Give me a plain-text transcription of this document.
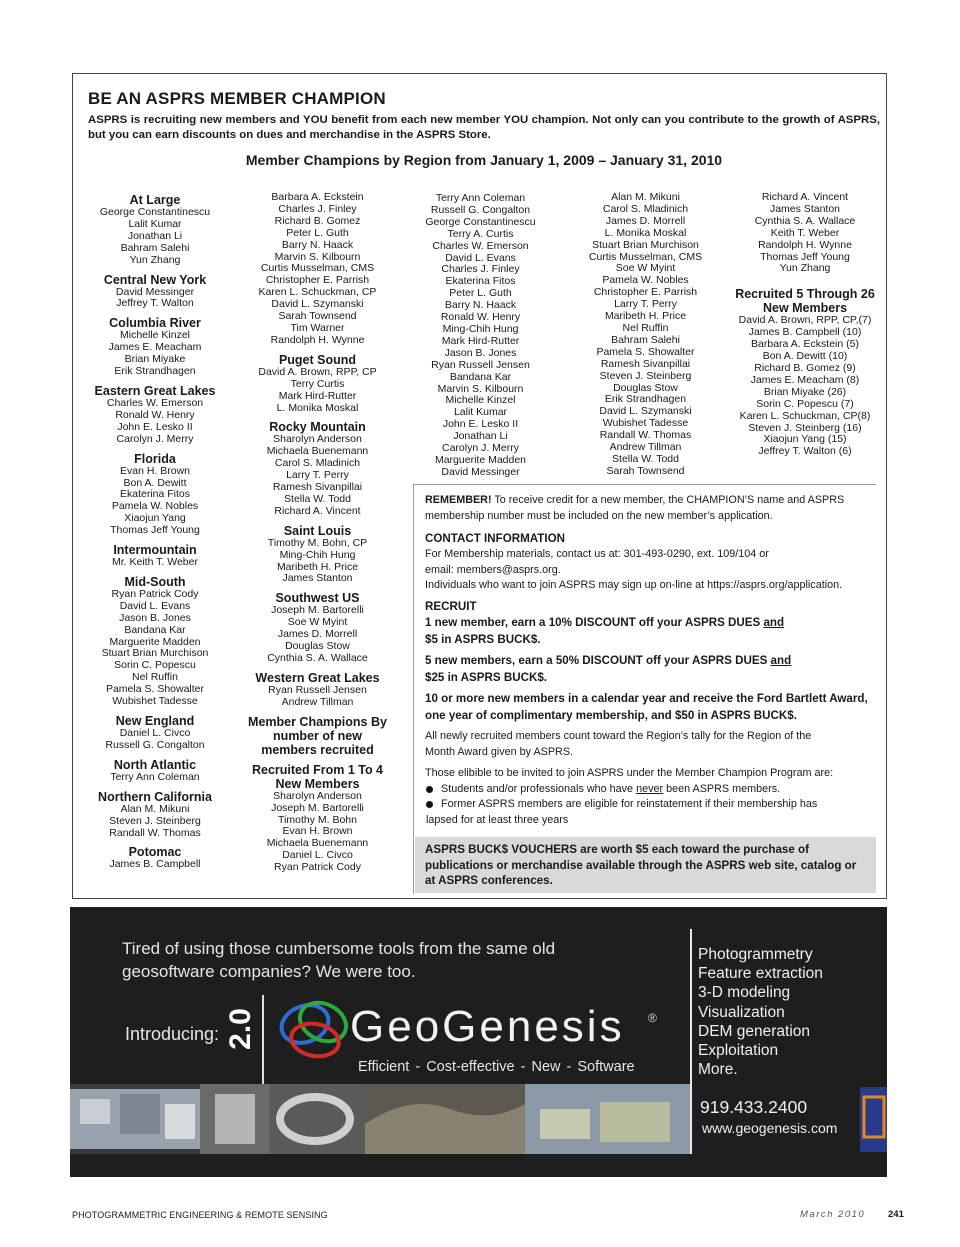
BE AN ASPRS MEMBER CHAMPION
ASPRS is recruiting new members and YOU benefit from each new member YOU champion. Not only can you contribute to the growth of ASPRS, but you can earn discounts on dues and merchandise in the ASPRS Store.
Member Champions by Region from January 1, 2009 – January 31, 2010
At Large
George Constantinescu
Lalit Kumar
Jonathan Li
Bahram Salehi
Yun Zhang
Central New York
David Messinger
Jeffrey T. Walton
Columbia River
Michelle Kinzel
James E. Meacham
Brian Miyake
Erik Strandhagen
Eastern Great Lakes
Charles W. Emerson
Ronald W. Henry
John E. Lesko II
Carolyn J. Merry
Florida
Evan H. Brown
Bon A. Dewitt
Ekaterina Fitos
Pamela W. Nobles
Xiaojun Yang
Thomas Jeff Young
Intermountain
Mr. Keith T. Weber
Mid-South
Ryan Patrick Cody
David L. Evans
Jason B. Jones
Bandana Kar
Marguerite Madden
Stuart Brian Murchison
Sorin C. Popescu
Nel Ruffin
Pamela S. Showalter
Wubishet Tadesse
New England
Daniel L. Civco
Russell G. Congalton
North Atlantic
Terry Ann Coleman
Northern California
Alan M. Mikuni
Steven J. Steinberg
Randall W. Thomas
Potomac
James B. Campbell
Barbara A. Eckstein
Charles J. Finley
Richard B. Gomez
Peter L. Guth
Barry N. Haack
Marvin S. Kilbourn
Curtis Musselman, CMS
Christopher E. Parrish
Karen L. Schuckman, CP
David L. Szymanski
Sarah Townsend
Tim Warner
Randolph H. Wynne
Puget Sound
David A. Brown, RPP, CP
Terry Curtis
Mark Hird-Rutter
L. Monika Moskal
Rocky Mountain
Sharolyn Anderson
Michaela Buenemann
Carol S. Mladinich
Larry T. Perry
Ramesh Sivanpillai
Stella W. Todd
Richard A. Vincent
Saint Louis
Timothy M. Bohn, CP
Ming-Chih Hung
Maribeth H. Price
James Stanton
Southwest US
Joseph M. Bartorelli
Soe W Myint
James D. Morrell
Douglas Stow
Cynthia S. A. Wallace
Western Great Lakes
Ryan Russell Jensen
Andrew Tillman
Member Champions By number of new members recruited
Recruited From 1 To 4 New Members
Sharolyn Anderson
Joseph M. Bartorelli
Timothy M. Bohn
Evan H. Brown
Michaela Buenemann
Daniel L. Civco
Ryan Patrick Cody
Terry Ann Coleman
Russell G. Congalton
George Constantinescu
Terry A. Curtis
Charles W. Emerson
David L. Evans
Charles J. Finley
Ekaterina Fitos
Peter L. Guth
Barry N. Haack
Ronald W. Henry
Ming-Chih Hung
Mark Hird-Rutter
Jason B. Jones
Ryan Russell Jensen
Bandana Kar
Marvin S. Kilbourn
Michelle Kinzel
Lalit Kumar
John E. Lesko II
Jonathan Li
Carolyn J. Merry
Marguerite Madden
David Messinger
Alan M. Mikuni
Carol S. Mladinich
James D. Morrell
L. Monika Moskal
Stuart Brian Murchison
Curtis Musselman, CMS
Soe W Myint
Pamela W. Nobles
Christopher E. Parrish
Larry T. Perry
Maribeth H. Price
Nel Ruffin
Bahram Salehi
Pamela S. Showalter
Ramesh Sivanpillai
Steven J. Steinberg
Douglas Stow
Erik Strandhagen
David L. Szymanski
Wubishet Tadesse
Randall W. Thomas
Andrew Tillman
Stella W. Todd
Sarah Townsend
Richard A. Vincent
James Stanton
Cynthia S. A. Wallace
Keith T. Weber
Randolph H. Wynne
Thomas Jeff Young
Yun Zhang
Recruited 5 Through 26 New Members
David A. Brown, RPP, CP,(7)
James B. Campbell (10)
Barbara A. Eckstein (5)
Bon A. Dewitt (10)
Richard B. Gomez (9)
James E. Meacham (8)
Brian Miyake (26)
Sorin C. Popescu (7)
Karen L. Schuckman, CP(8)
Steven J. Steinberg (16)
Xiaojun Yang (15)
Jeffrey T. Walton (6)
REMEMBER! To receive credit for a new member, the CHAMPION’S name and ASPRS membership number must be included on the new member’s application.
CONTACT INFORMATION
For Membership materials, contact us at: 301-493-0290, ext. 109/104 or
email: members@asprs.org.
Individuals who want to join ASPRS may sign up on-line at https://asprs.org/application.
RECRUIT
1 new member, earn a 10% DISCOUNT off your ASPRS DUES and
$5 in ASPRS BUCK$.
5 new members, earn a 50% DISCOUNT off your ASPRS DUES and
$25 in ASPRS BUCK$.
10 or more new members in a calendar year and receive the Ford Bartlett Award, one year of complimentary membership, and $50 in ASPRS BUCK$.
All newly recruited members count toward the Region’s tally for the Region of the Month Award given by ASPRS.
Those elibible to be invited to join ASPRS under the Member Champion Program are:
Students and/or professionals who have never been ASPRS members.
Former ASPRS members are eligible for reinstatement if their membership has lapsed for at least three years
ASPRS BUCK$ VOUCHERS are worth $5 each toward the purchase of publications or merchandise available through the ASPRS web site, catalog or at ASPRS conferences.
Tired of using those cumbersome tools from the same old geosoftware companies? We were too.
Introducing: 2.0 GeoGenesis ®
Efficient - Cost-effective - New - Software
Photogrammetry
Feature extraction
3-D modeling
Visualization
DEM generation
Exploitation
More.
919.433.2400
www.geogenesis.com
PHOTOGRAMMETRIC ENGINEERING & REMOTE SENSING	March 2010 241
